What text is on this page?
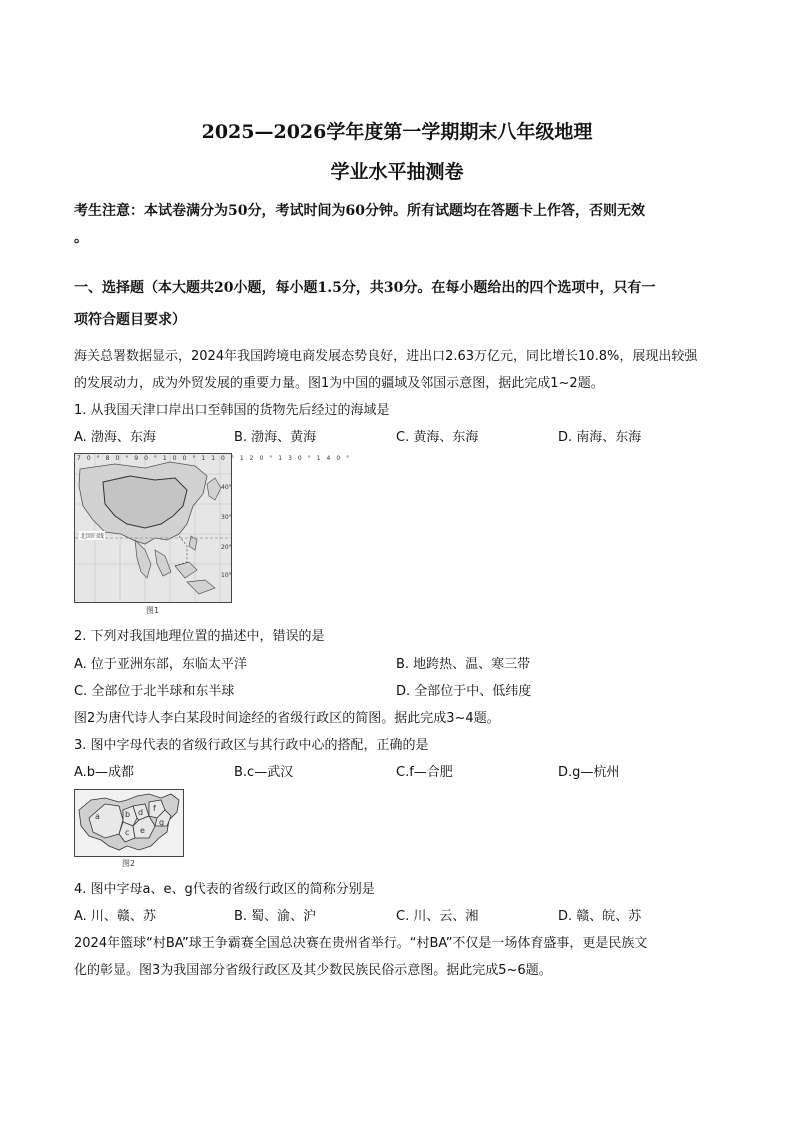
2025—2026学年度第一学期期末八年级地理
学业水平抽测卷
考生注意：本试卷满分为50分，考试时间为60分钟。所有试题均在答题卡上作答，否则无效
。
一、选择题（本大题共20小题，每小题1.5分，共30分。在每小题给出的四个选项中，只有一
项符合题目要求）
海关总署数据显示，2024年我国跨境电商发展态势良好，进出口2.63万亿元，同比增长10.8%，展现出较强
的发展动力，成为外贸发展的重要力量。图1为中国的疆域及邻国示意图，据此完成1~2题。
1. 从我国天津口岸出口至韩国的货物先后经过的海域是
A. 渤海、东海	B. 渤海、黄海	C. 黄海、东海	D. 南海、东海
70°80°90°100°110°120°130°140°
40°
30°
20°
10°
北回归线
图1
2. 下列对我国地理位置的描述中，错误的是
A. 位于亚洲东部，东临太平洋	B. 地跨热、温、寒三带
C. 全部位于北半球和东半球	D. 全部位于中、低纬度
图2为唐代诗人李白某段时间途经的省级行政区的简图。据此完成3~4题。
3. 图中字母代表的省级行政区与其行政中心的搭配，正确的是
A.b—成都	B.c—武汉	C.f—合肥	D.g—杭州
a	b
c
d
e
f
g
图2
4. 图中字母a、e、g代表的省级行政区的简称分别是
A. 川、赣、苏	B. 蜀、渝、沪	C. 川、云、湘	D. 赣、皖、苏
2024年篮球“村BA”球王争霸赛全国总决赛在贵州省举行。“村BA”不仅是一场体育盛事，更是民族文
化的彰显。图3为我国部分省级行政区及其少数民族民俗示意图。据此完成5~6题。
